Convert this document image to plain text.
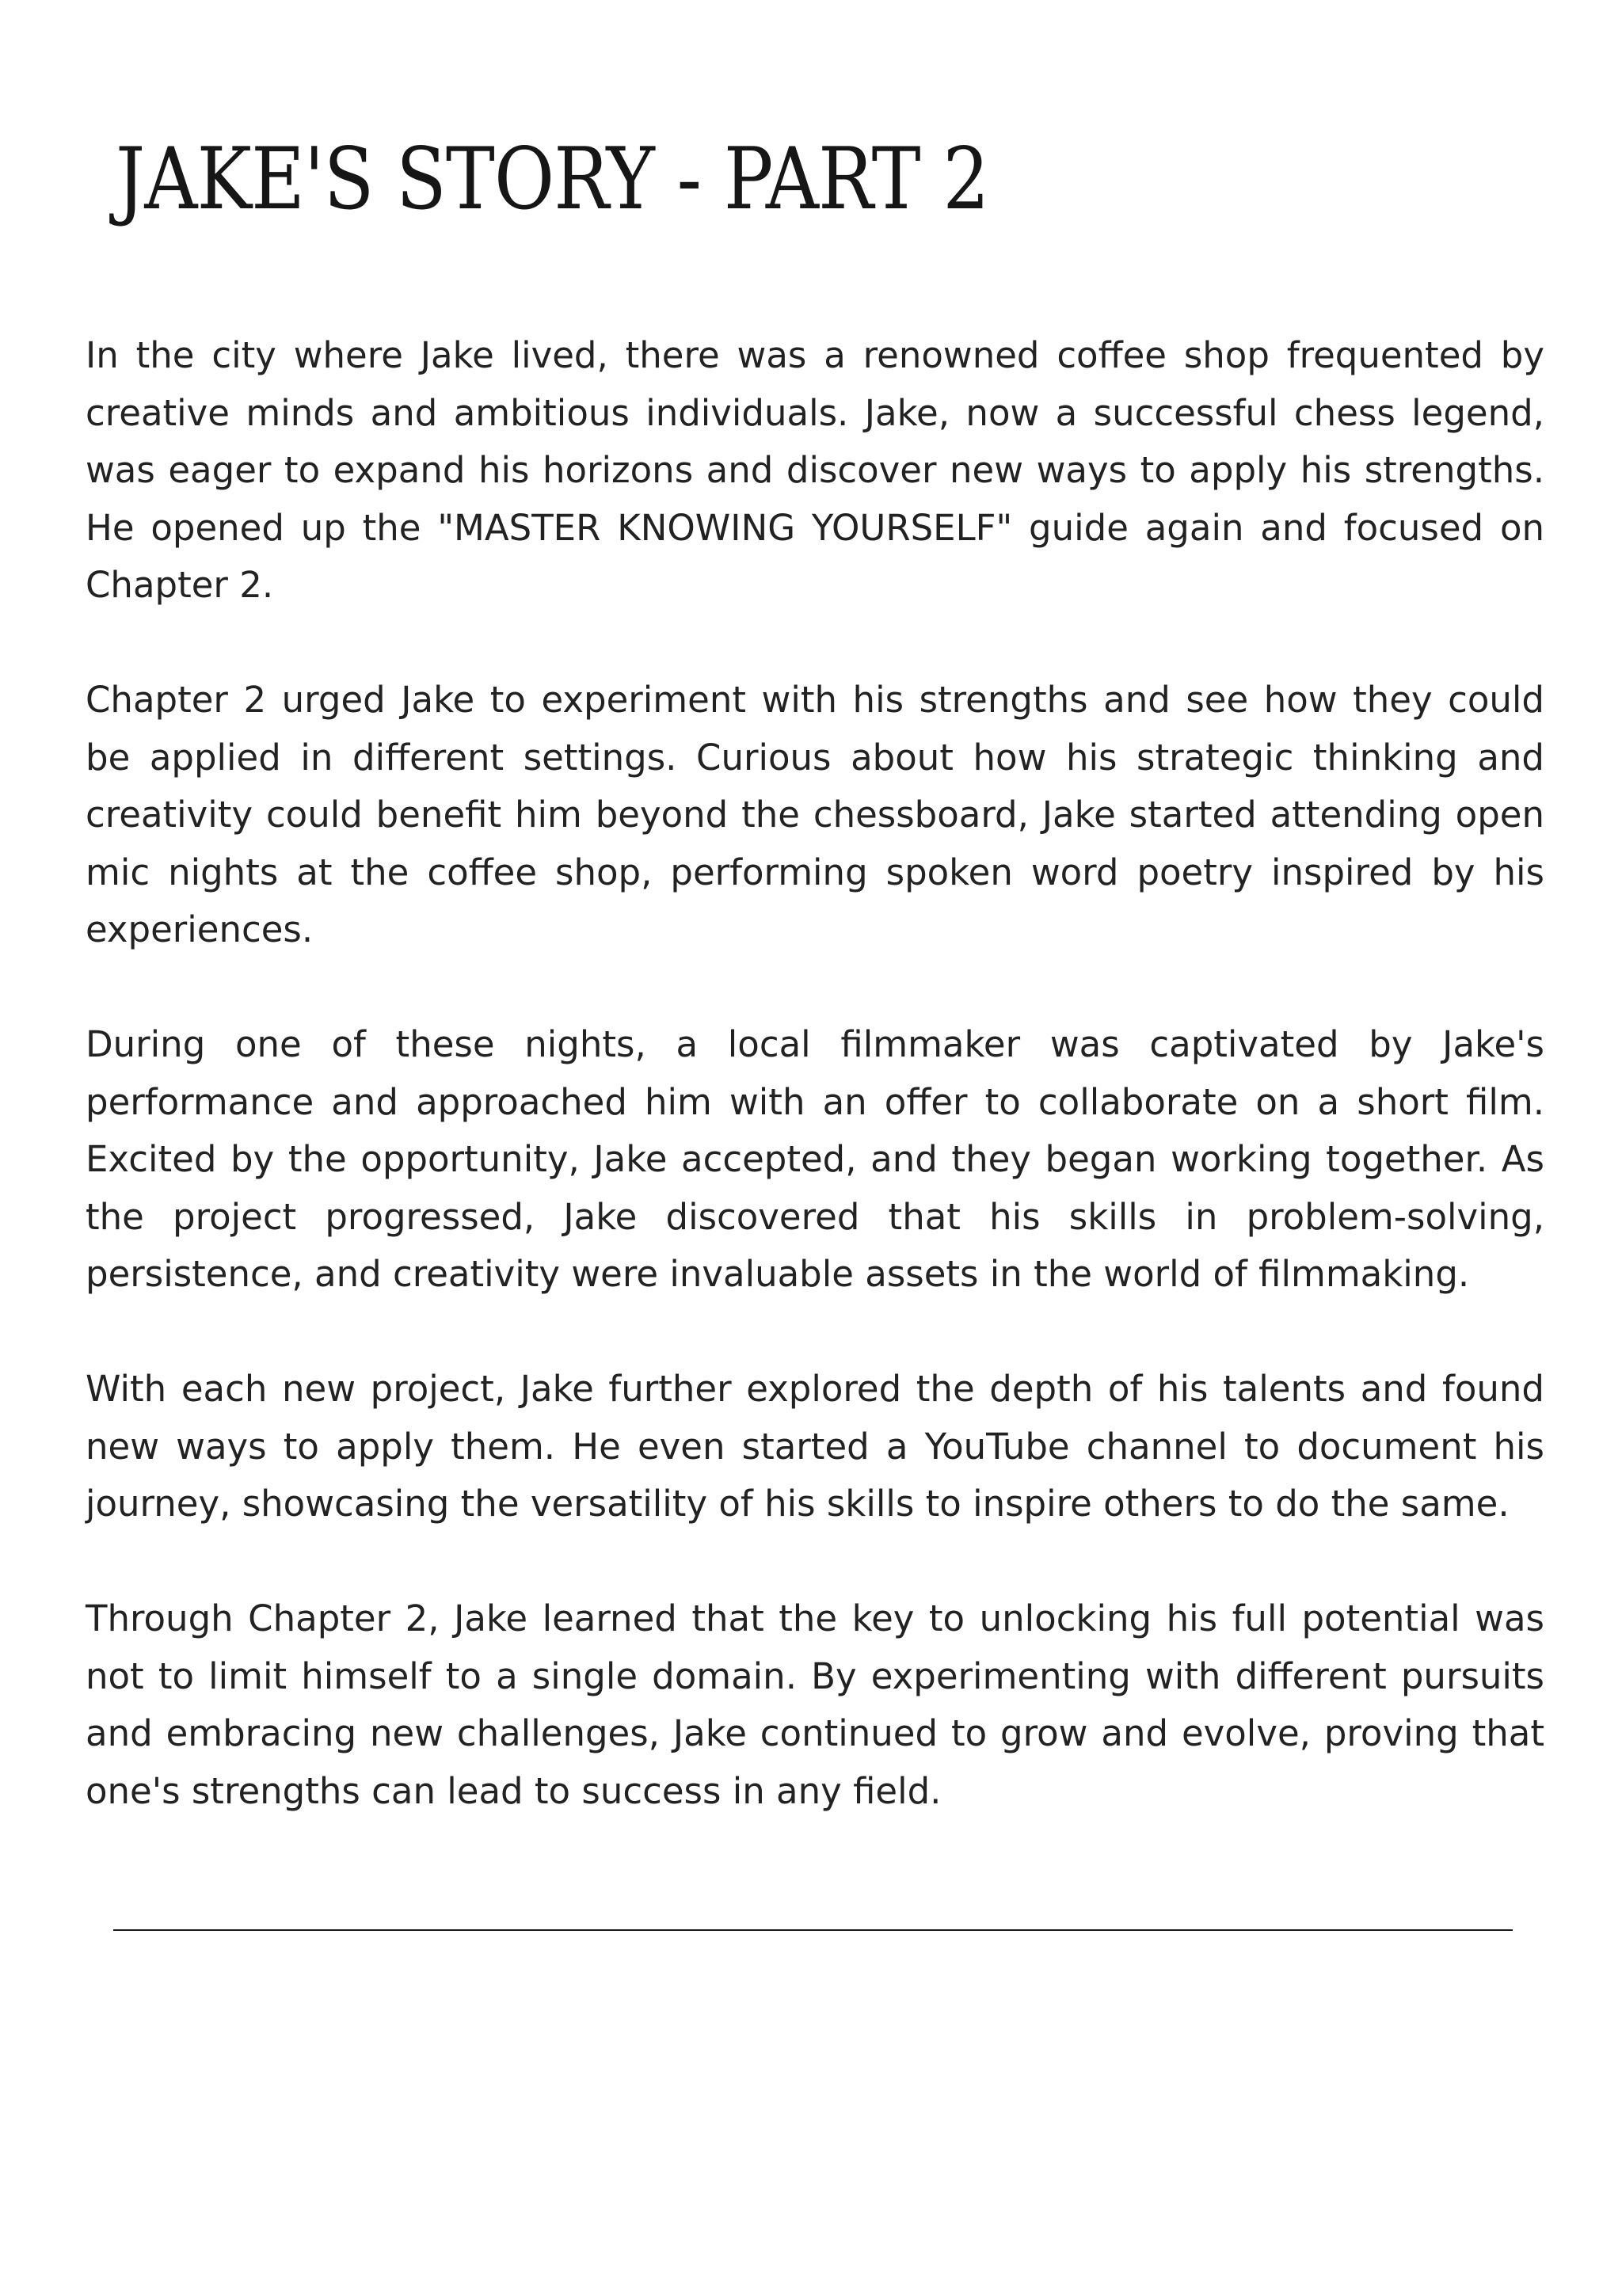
JAKE'S STORY - PART 2

In the city where Jake lived, there was a renowned coffee shop frequented by creative minds and ambitious individuals. Jake, now a successful chess legend, was eager to expand his horizons and discover new ways to apply his strengths. He opened up the "MASTER KNOWING YOURSELF" guide again and focused on Chapter 2.

Chapter 2 urged Jake to experiment with his strengths and see how they could be applied in different settings. Curious about how his strategic thinking and creativity could benefit him beyond the chessboard, Jake started attending open mic nights at the coffee shop, performing spoken word poetry inspired by his experiences.

During one of these nights, a local filmmaker was captivated by Jake's performance and approached him with an offer to collaborate on a short film. Excited by the opportunity, Jake accepted, and they began working together. As the project progressed, Jake discovered that his skills in problem-solving, persistence, and creativity were invaluable assets in the world of filmmaking.

With each new project, Jake further explored the depth of his talents and found new ways to apply them. He even started a YouTube channel to document his journey, showcasing the versatility of his skills to inspire others to do the same.

Through Chapter 2, Jake learned that the key to unlocking his full potential was not to limit himself to a single domain. By experimenting with different pursuits and embracing new challenges, Jake continued to grow and evolve, proving that one's strengths can lead to success in any field.
